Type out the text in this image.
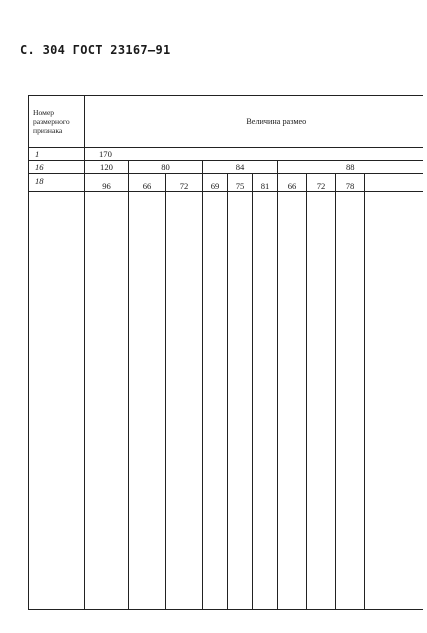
С. 304 ГОСТ 23167—91
Номер размерного признака	Величина размео									
1	170									
16	120	80		84			88			
18	96	66	72	69	75	81	66	72	78	
